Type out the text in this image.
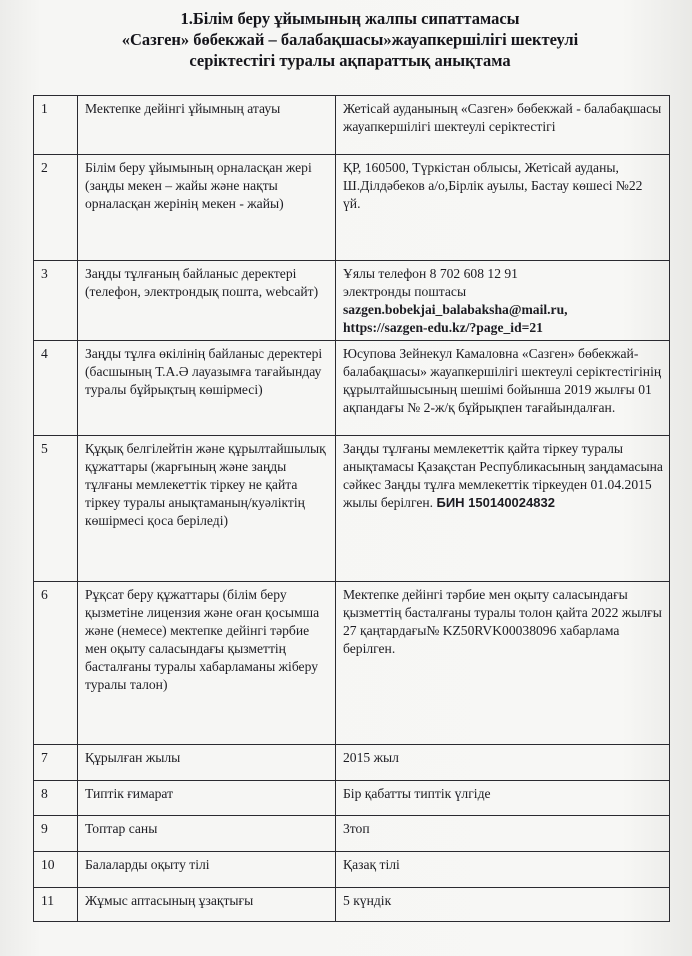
1.Білім беру ұйымының жалпы сипаттамасы
«Сазген» бөбекжай – балабақшасы»жауапкершілігі шектеулі
серіктестігі туралы ақпараттық анықтама
1	Мектепке дейінгі ұйымның атауы	Жетісай ауданының «Сазген» бөбекжай - балабақшасы жауапкершілігі шектеулі серіктестігі
2	Білім беру ұйымының орналасқан жері (заңды мекен – жайы және нақты орналасқан жерінің мекен - жайы)	ҚР, 160500, Түркістан облысы, Жетісай ауданы, Ш.Ділдәбеков а/о,Бірлік ауылы, Бастау көшесі №22 үй.
3	Заңды тұлғаның байланыс деректері (телефон, электрондық пошта, webсайт)	Ұялы телефон 8 702 608 12 91
электронды поштасы
sazgen.bobekjai_balabaksha@mail.ru,
https://sazgen-edu.kz/?page_id=21

4	Заңды тұлға өкілінің байланыс деректері (басшының Т.А.Ә лауазымға тағайындау туралы бұйрықтың көшірмесі)	Юсупова Зейнекул Камаловна «Сазген» бөбекжай-балабақшасы» жауапкершілігі шектеулі серіктестігінің құрылтайшысының шешімі бойынша 2019 жылғы 01 ақпандағы № 2-ж/қ бұйрықпен тағайындалған.
5	Құқық белгілейтін және құрылтайшылық құжаттары (жарғының және заңды тұлғаны мемлекеттік тіркеу не қайта тіркеу туралы анықтаманың/куәліктің көшірмесі қоса беріледі)	Заңды тұлғаны мемлекеттік қайта тіркеу туралы анықтамасы Қазақстан Республикасының заңдамасына сәйкес Заңды тұлға мемлекеттік тіркеуден 01.04.2015 жылы берілген. БИН 150140024832
6	Рұқсат беру құжаттары (білім беру қызметіне лицензия және оған қосымша және (немесе) мектепке дейінгі тәрбие мен оқыту саласындағы қызметтің басталғаны туралы хабарламаны жіберу туралы талон)	Мектепке дейінгі тәрбие мен оқыту саласындағы қызметтің басталғаны туралы толон қайта 2022 жылғы 27 қаңтардағы№ KZ50RVK00038096 хабарлама берілген.
7	Құрылған жылы	2015 жыл
8	Типтік ғимарат	Бір қабатты типтік үлгіде
9	Топтар саны	3топ
10	Балаларды оқыту тілі	Қазақ тілі
11	Жұмыс аптасының ұзақтығы	5 күндік
